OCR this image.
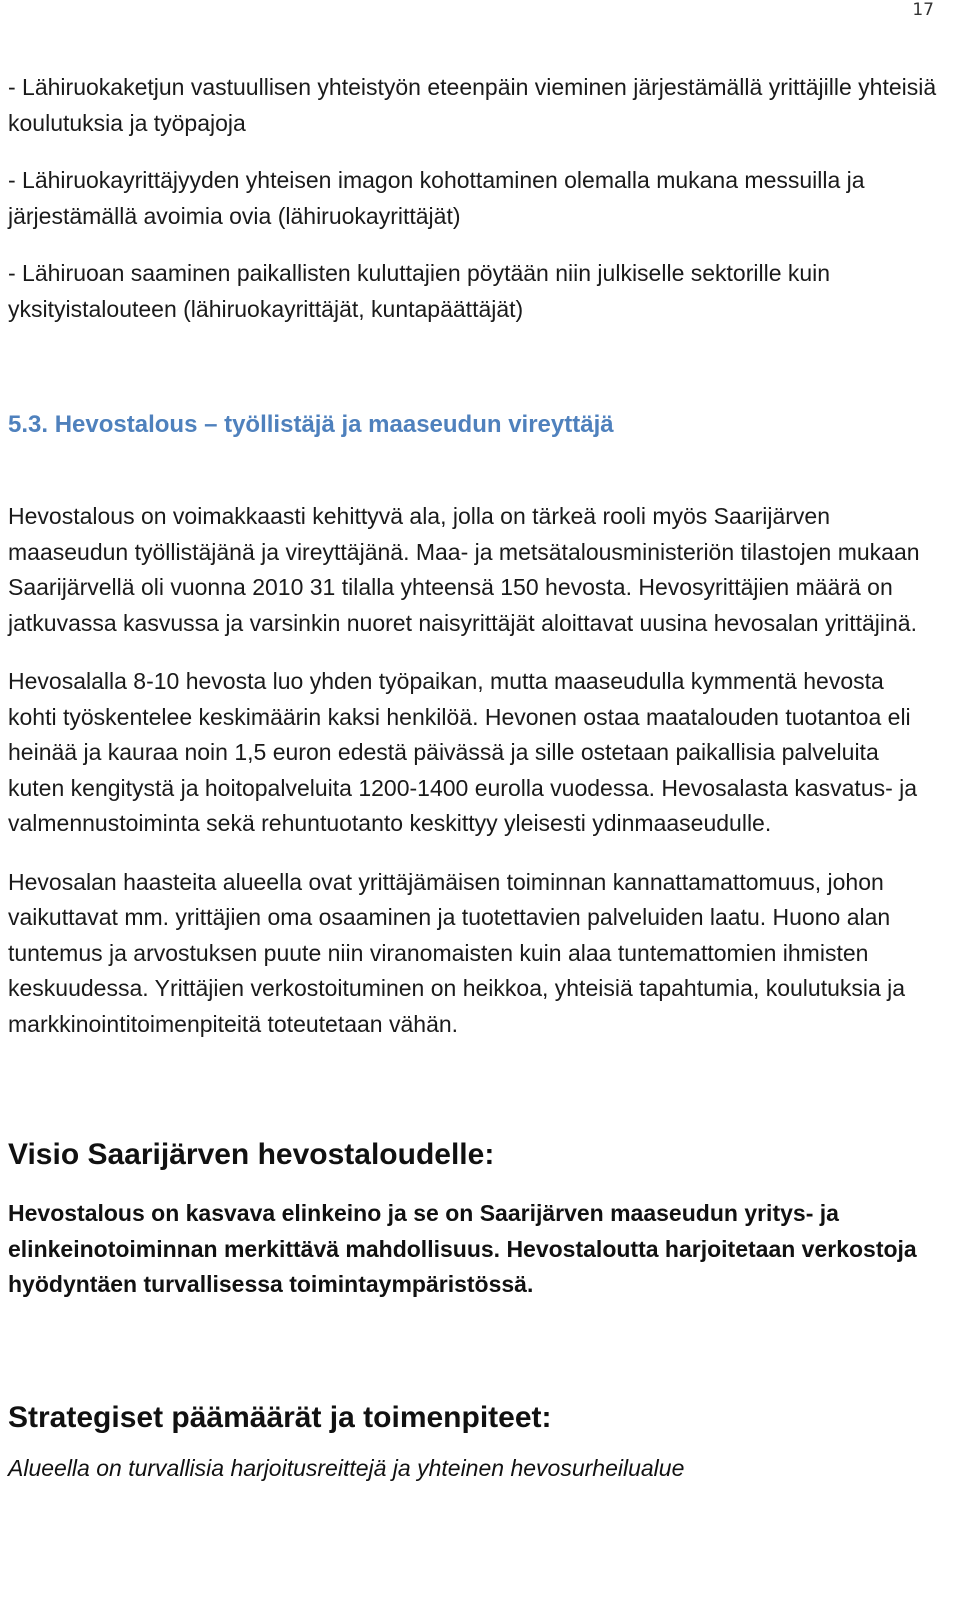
17

- Lähiruokaketjun vastuullisen yhteistyön eteenpäin vieminen järjestämällä yrittäjille yhteisiä koulutuksia ja työpajoja

- Lähiruokayrittäjyyden yhteisen imagon kohottaminen olemalla mukana messuilla ja järjestämällä avoimia ovia (lähiruokayrittäjät)

- Lähiruoan saaminen paikallisten kuluttajien pöytään niin julkiselle sektorille kuin yksityistalouteen (lähiruokayrittäjät, kuntapäättäjät)

5.3. Hevostalous – työllistäjä ja maaseudun vireyttäjä

Hevostalous on voimakkaasti kehittyvä ala, jolla on tärkeä rooli myös Saarijärven maaseudun työllistäjänä ja vireyttäjänä. Maa- ja metsätalousministeriön tilastojen mukaan Saarijärvellä oli vuonna 2010 31 tilalla yhteensä 150 hevosta. Hevosyrittäjien määrä on jatkuvassa kasvussa ja varsinkin nuoret naisyrittäjät aloittavat uusina hevosalan yrittäjinä.

Hevosalalla 8-10 hevosta luo yhden työpaikan, mutta maaseudulla kymmentä hevosta kohti työskentelee keskimäärin kaksi henkilöä. Hevonen ostaa maatalouden tuotantoa eli heinää ja kauraa noin 1,5 euron edestä päivässä ja sille ostetaan paikallisia palveluita kuten kengitystä ja hoitopalveluita 1200-1400 eurolla vuodessa. Hevosalasta kasvatus- ja valmennustoiminta sekä rehuntuotanto keskittyy yleisesti ydinmaaseudulle.

Hevosalan haasteita alueella ovat yrittäjämäisen toiminnan kannattamattomuus, johon vaikuttavat mm. yrittäjien oma osaaminen ja tuotettavien palveluiden laatu. Huono alan tuntemus ja arvostuksen puute niin viranomaisten kuin alaa tuntemattomien ihmisten keskuudessa. Yrittäjien verkostoituminen on heikkoa, yhteisiä tapahtumia, koulutuksia ja markkinointitoimenpiteitä toteutetaan vähän.

Visio Saarijärven hevostaloudelle:

Hevostalous on kasvava elinkeino ja se on Saarijärven maaseudun yritys- ja elinkeinotoiminnan merkittävä mahdollisuus. Hevostaloutta harjoitetaan verkostoja hyödyntäen turvallisessa toimintaympäristössä.

Strategiset päämäärät ja toimenpiteet:

Alueella on turvallisia harjoitusreittejä ja yhteinen hevosurheilualue
